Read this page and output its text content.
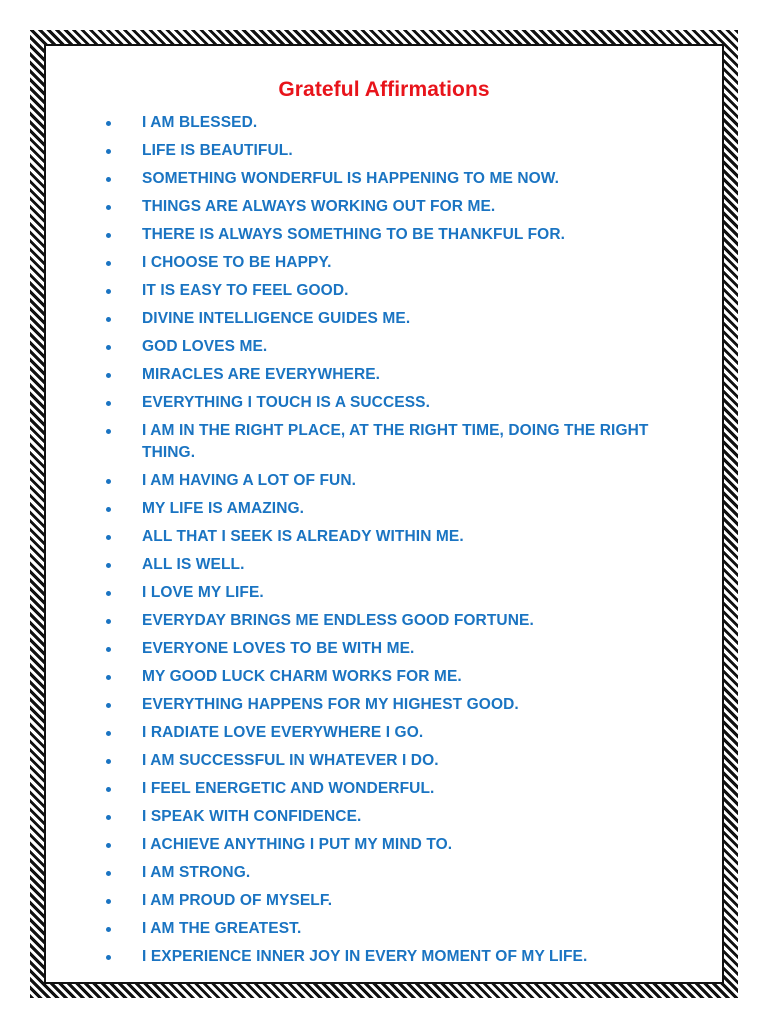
Grateful Affirmations
I AM BLESSED.
LIFE IS BEAUTIFUL.
SOMETHING WONDERFUL IS HAPPENING TO ME NOW.
THINGS ARE ALWAYS WORKING OUT FOR ME.
THERE IS ALWAYS SOMETHING TO BE THANKFUL FOR.
I CHOOSE TO BE HAPPY.
IT IS EASY TO FEEL GOOD.
DIVINE INTELLIGENCE GUIDES ME.
GOD LOVES ME.
MIRACLES ARE EVERYWHERE.
EVERYTHING I TOUCH IS A SUCCESS.
I AM IN THE RIGHT PLACE, AT THE RIGHT TIME, DOING THE RIGHT THING.
I AM HAVING A LOT OF FUN.
MY LIFE IS AMAZING.
ALL THAT I SEEK IS ALREADY WITHIN ME.
ALL IS WELL.
I LOVE MY LIFE.
EVERYDAY BRINGS ME ENDLESS GOOD FORTUNE.
EVERYONE LOVES TO BE WITH ME.
MY GOOD LUCK CHARM WORKS FOR ME.
EVERYTHING HAPPENS FOR MY HIGHEST GOOD.
I RADIATE LOVE EVERYWHERE I GO.
I AM SUCCESSFUL IN WHATEVER I DO.
I FEEL ENERGETIC AND WONDERFUL.
I SPEAK WITH CONFIDENCE.
I ACHIEVE ANYTHING I PUT MY MIND TO.
I AM STRONG.
I AM PROUD OF MYSELF.
I AM THE GREATEST.
I EXPERIENCE INNER JOY IN EVERY MOMENT OF MY LIFE.
